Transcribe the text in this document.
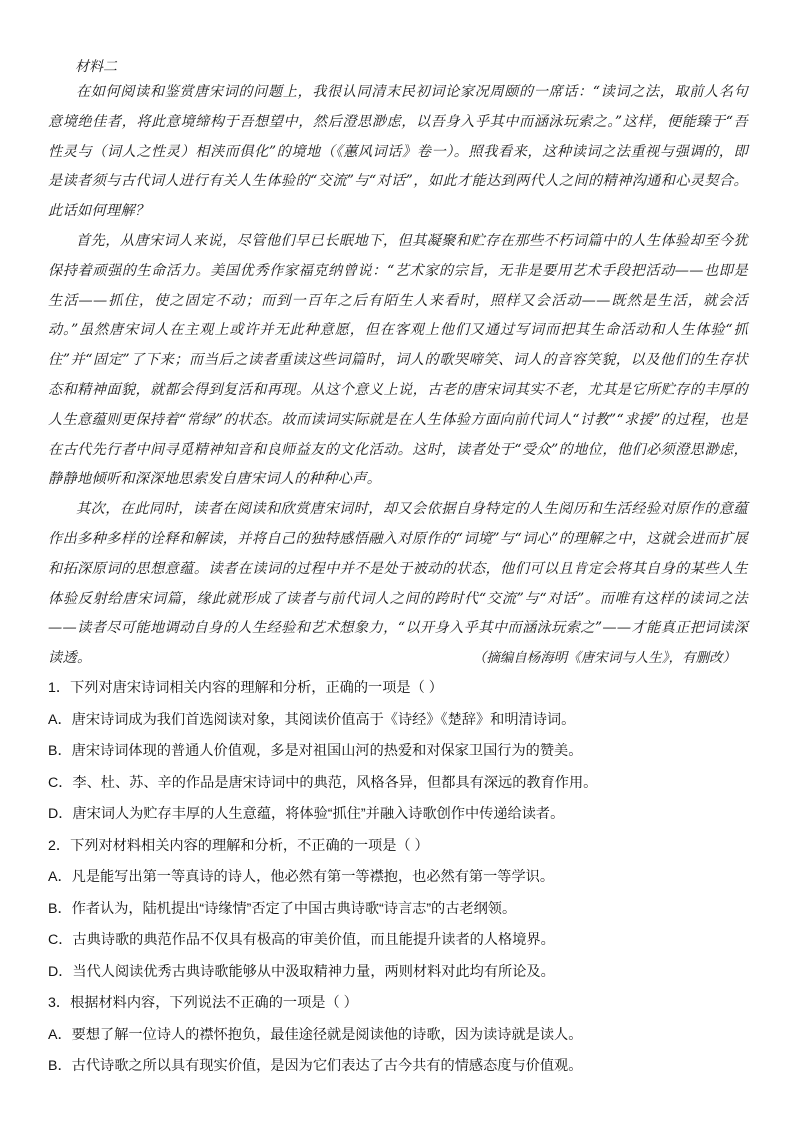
材料二

在如何阅读和鉴赏唐宋词的问题上，我很认同清末民初词论家况周颐的一席话：“读词之法，取前人名句意境绝佳者，将此意境缔构于吾想望中，然后澄思渺虑，以吾身入乎其中而涵泳玩索之。”这样，便能臻于“吾性灵与（词人之性灵）相浃而俱化”的境地（《蕙风词话》卷一）。照我看来，这种读词之法重视与强调的，即是读者须与古代词人进行有关人生体验的“交流”与“对话”，如此才能达到两代人之间的精神沟通和心灵契合。此话如何理解？

首先，从唐宋词人来说，尽管他们早已长眠地下，但其凝聚和贮存在那些不朽词篇中的人生体验却至今犹保持着顽强的生命活力。美国优秀作家福克纳曾说：“艺术家的宗旨，无非是要用艺术手段把活动——也即是生活——抓住，使之固定不动；而到一百年之后有陌生人来看时，照样又会活动——既然是生活，就会活动。”虽然唐宋词人在主观上或许并无此种意愿，但在客观上他们又通过写词而把其生命活动和人生体验“抓住”并“固定”了下来；而当后之读者重读这些词篇时，词人的歌哭啼笑、词人的音容笑貌，以及他们的生存状态和精神面貌，就都会得到复活和再现。从这个意义上说，古老的唐宋词其实不老，尤其是它所贮存的丰厚的人生意蕴则更保持着“常绿”的状态。故而读词实际就是在人生体验方面向前代词人“讨教”“求援”的过程，也是在古代先行者中间寻觅精神知音和良师益友的文化活动。这时，读者处于“受众”的地位，他们必须澄思渺虑，静静地倾听和深深地思索发自唐宋词人的种种心声。

其次，在此同时，读者在阅读和欣赏唐宋词时，却又会依据自身特定的人生阅历和生活经验对原作的意蕴作出多种多样的诠释和解读，并将自己的独特感悟融入对原作的“词境”与“词心”的理解之中，这就会进而扩展和拓深原词的思想意蕴。读者在读词的过程中并不是处于被动的状态，他们可以且肯定会将其自身的某些人生体验反射给唐宋词篇，缘此就形成了读者与前代词人之间的跨时代“交流”与“对话”。而唯有这样的读词之法——读者尽可能地调动自身的人生经验和艺术想象力，“以开身入乎其中而涵泳玩索之”——才能真正把词读深读透。	（摘编自杨海明《唐宋词与人生》，有删改）
1．下列对唐宋诗词相关内容的理解和分析，正确的一项是（ ）
A．唐宋诗词成为我们首选阅读对象，其阅读价值高于《诗经》《楚辞》和明清诗词。
B．唐宋诗词体现的普通人价值观，多是对祖国山河的热爱和对保家卫国行为的赞美。
C．李、杜、苏、辛的作品是唐宋诗词中的典范，风格各异，但都具有深远的教育作用。
D．唐宋词人为贮存丰厚的人生意蕴，将体验“抓住”并融入诗歌创作中传递给读者。
2．下列对材料相关内容的理解和分析，不正确的一项是（ ）
A．凡是能写出第一等真诗的诗人，他必然有第一等襟抱，也必然有第一等学识。
B．作者认为，陆机提出“诗缘情”否定了中国古典诗歌“诗言志”的古老纲领。
C．古典诗歌的典范作品不仅具有极高的审美价值，而且能提升读者的人格境界。
D．当代人阅读优秀古典诗歌能够从中汲取精神力量，两则材料对此均有所论及。
3．根据材料内容，下列说法不正确的一项是（ ）
A．要想了解一位诗人的襟怀抱负，最佳途径就是阅读他的诗歌，因为读诗就是读人。
B．古代诗歌之所以具有现实价值，是因为它们表达了古今共有的情感态度与价值观。
